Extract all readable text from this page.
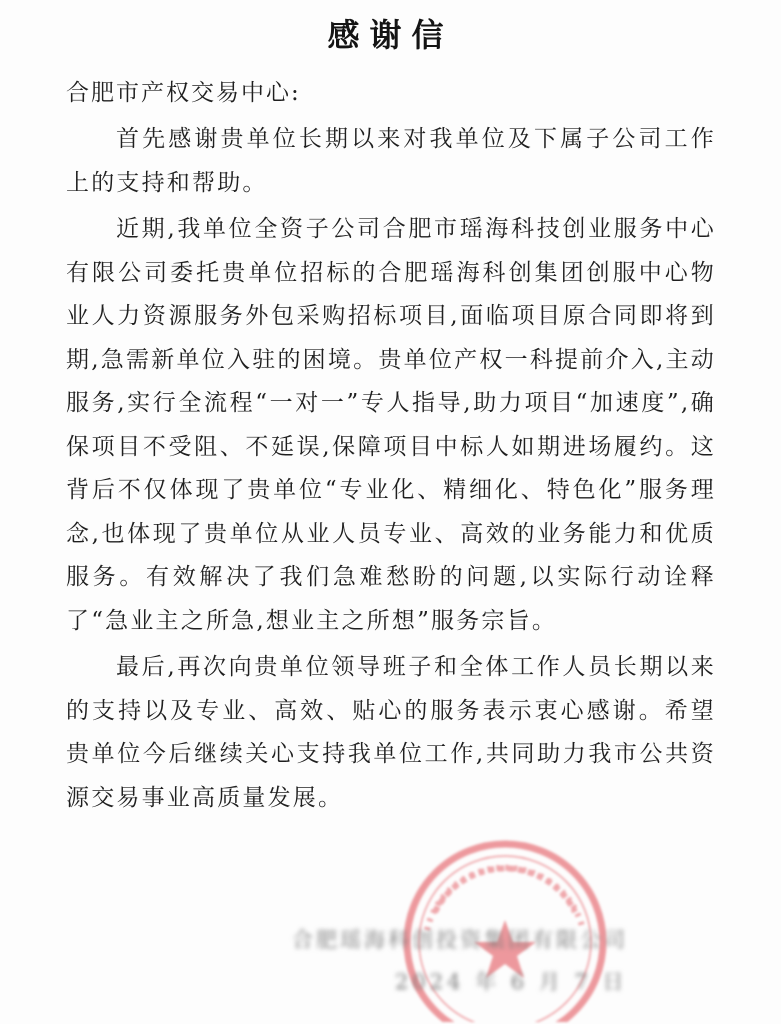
感谢信

合肥市产权交易中心:

首先感谢贵单位长期以来对我单位及下属子公司工作上的支持和帮助。

近期,我单位全资子公司合肥市瑶海科技创业服务中心有限公司委托贵单位招标的合肥瑶海科创集团创服中心物业人力资源服务外包采购招标项目,面临项目原合同即将到期,急需新单位入驻的困境。贵单位产权一科提前介入,主动服务,实行全流程“一对一”专人指导,助力项目“加速度”,确保项目不受阻、不延误,保障项目中标人如期进场履约。这背后不仅体现了贵单位“专业化、精细化、特色化”服务理念,也体现了贵单位从业人员专业、高效的业务能力和优质服务。有效解决了我们急难愁盼的问题,以实际行动诠释了“急业主之所急,想业主之所想”服务宗旨。

最后,再次向贵单位领导班子和全体工作人员长期以来的支持以及专业、高效、贴心的服务表示衷心感谢。希望贵单位今后继续关心支持我单位工作,共同助力我市公共资源交易事业高质量发展。

合肥瑶海科创投资集团有限公司

2024 年 6 月 7 日
